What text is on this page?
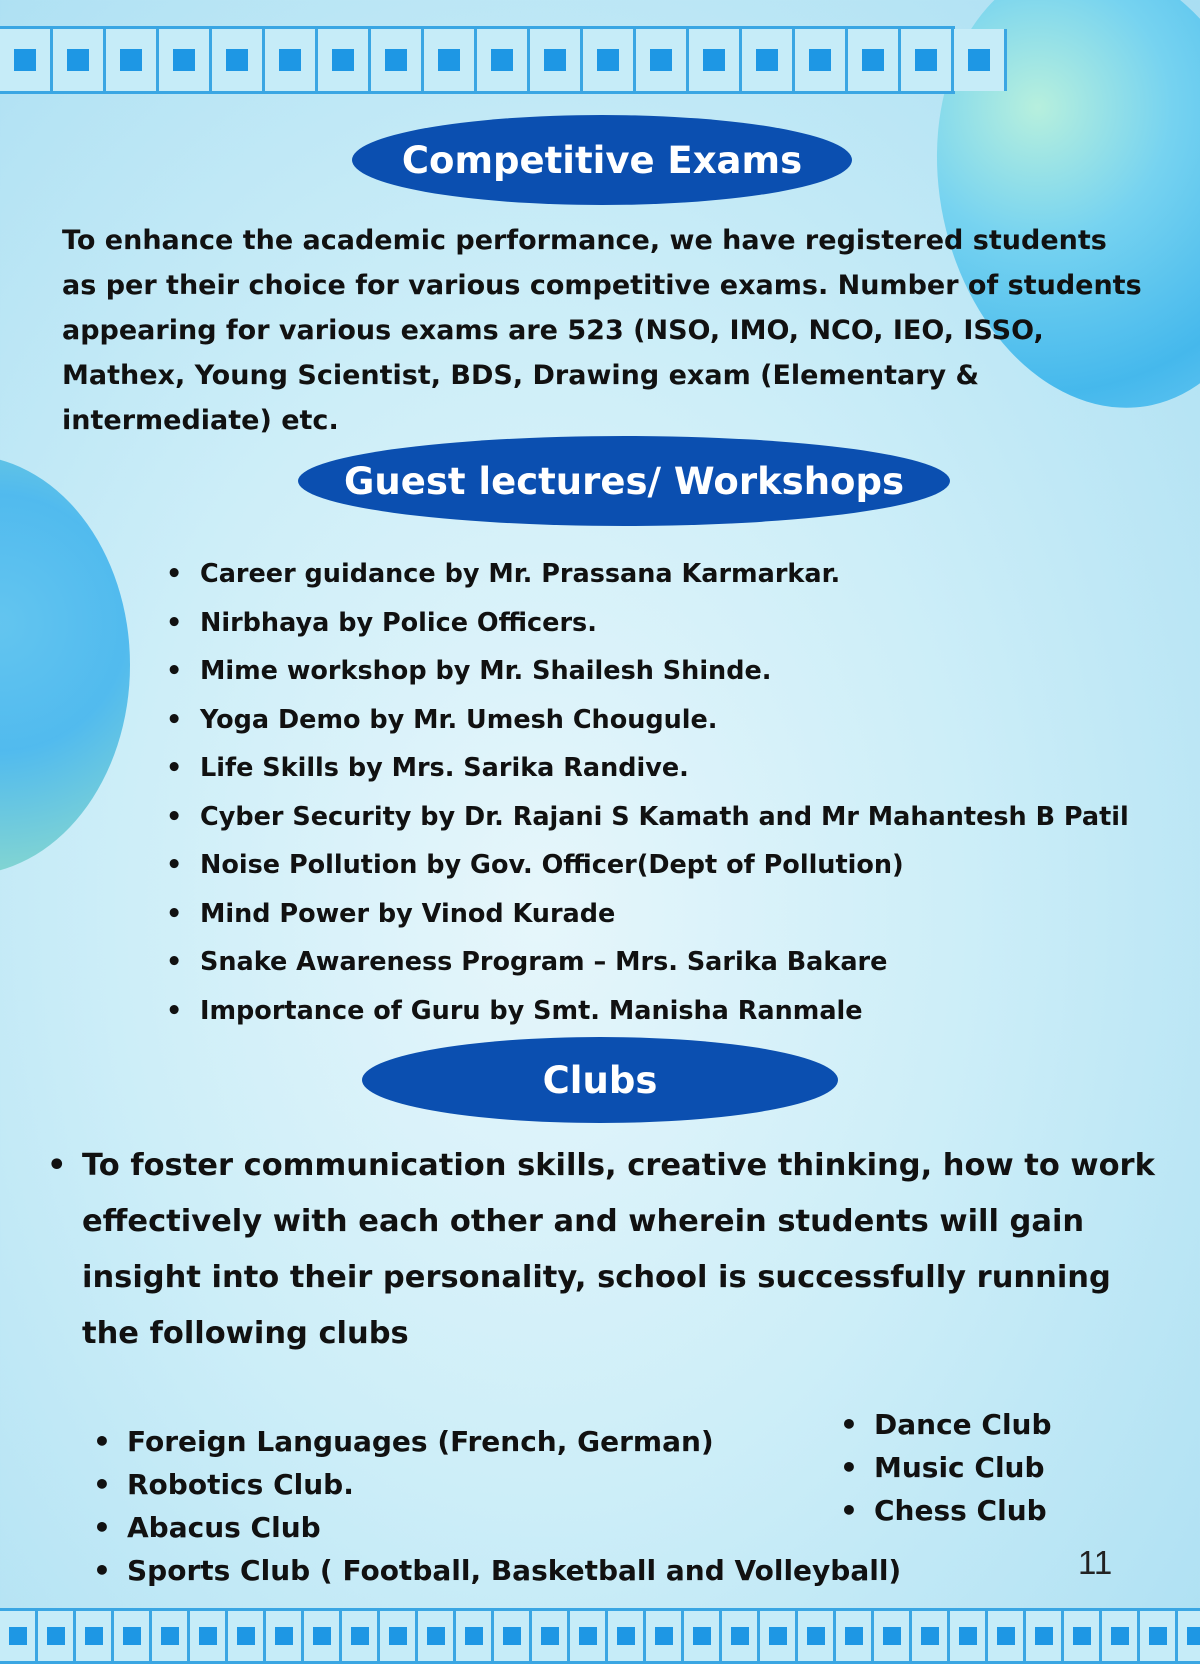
Competitive Exams
To enhance the academic performance, we have registered students as per their choice for various competitive exams. Number of students appearing for various exams are 523 (NSO, IMO, NCO, IEO, ISSO, Mathex, Young Scientist, BDS, Drawing exam (Elementary & intermediate) etc.
Guest lectures/ Workshops
• Career guidance by Mr. Prassana Karmarkar.
• Nirbhaya by Police Officers.
• Mime workshop by Mr. Shailesh Shinde.
• Yoga Demo by Mr. Umesh Chougule.
• Life Skills by Mrs. Sarika Randive.
• Cyber Security by Dr. Rajani S Kamath and Mr Mahantesh B Patil
• Noise Pollution by Gov. Officer(Dept of Pollution)
• Mind Power by Vinod Kurade
• Snake Awareness Program – Mrs. Sarika Bakare
• Importance of Guru by Smt. Manisha Ranmale
Clubs
• To foster communication skills, creative thinking, how to work effectively with each other and wherein students will gain insight into their personality, school is successfully running the following clubs
• Foreign Languages (French, German)
• Robotics Club.
• Abacus Club
• Sports Club ( Football, Basketball and Volleyball)
• Dance Club
• Music Club
• Chess Club
11
